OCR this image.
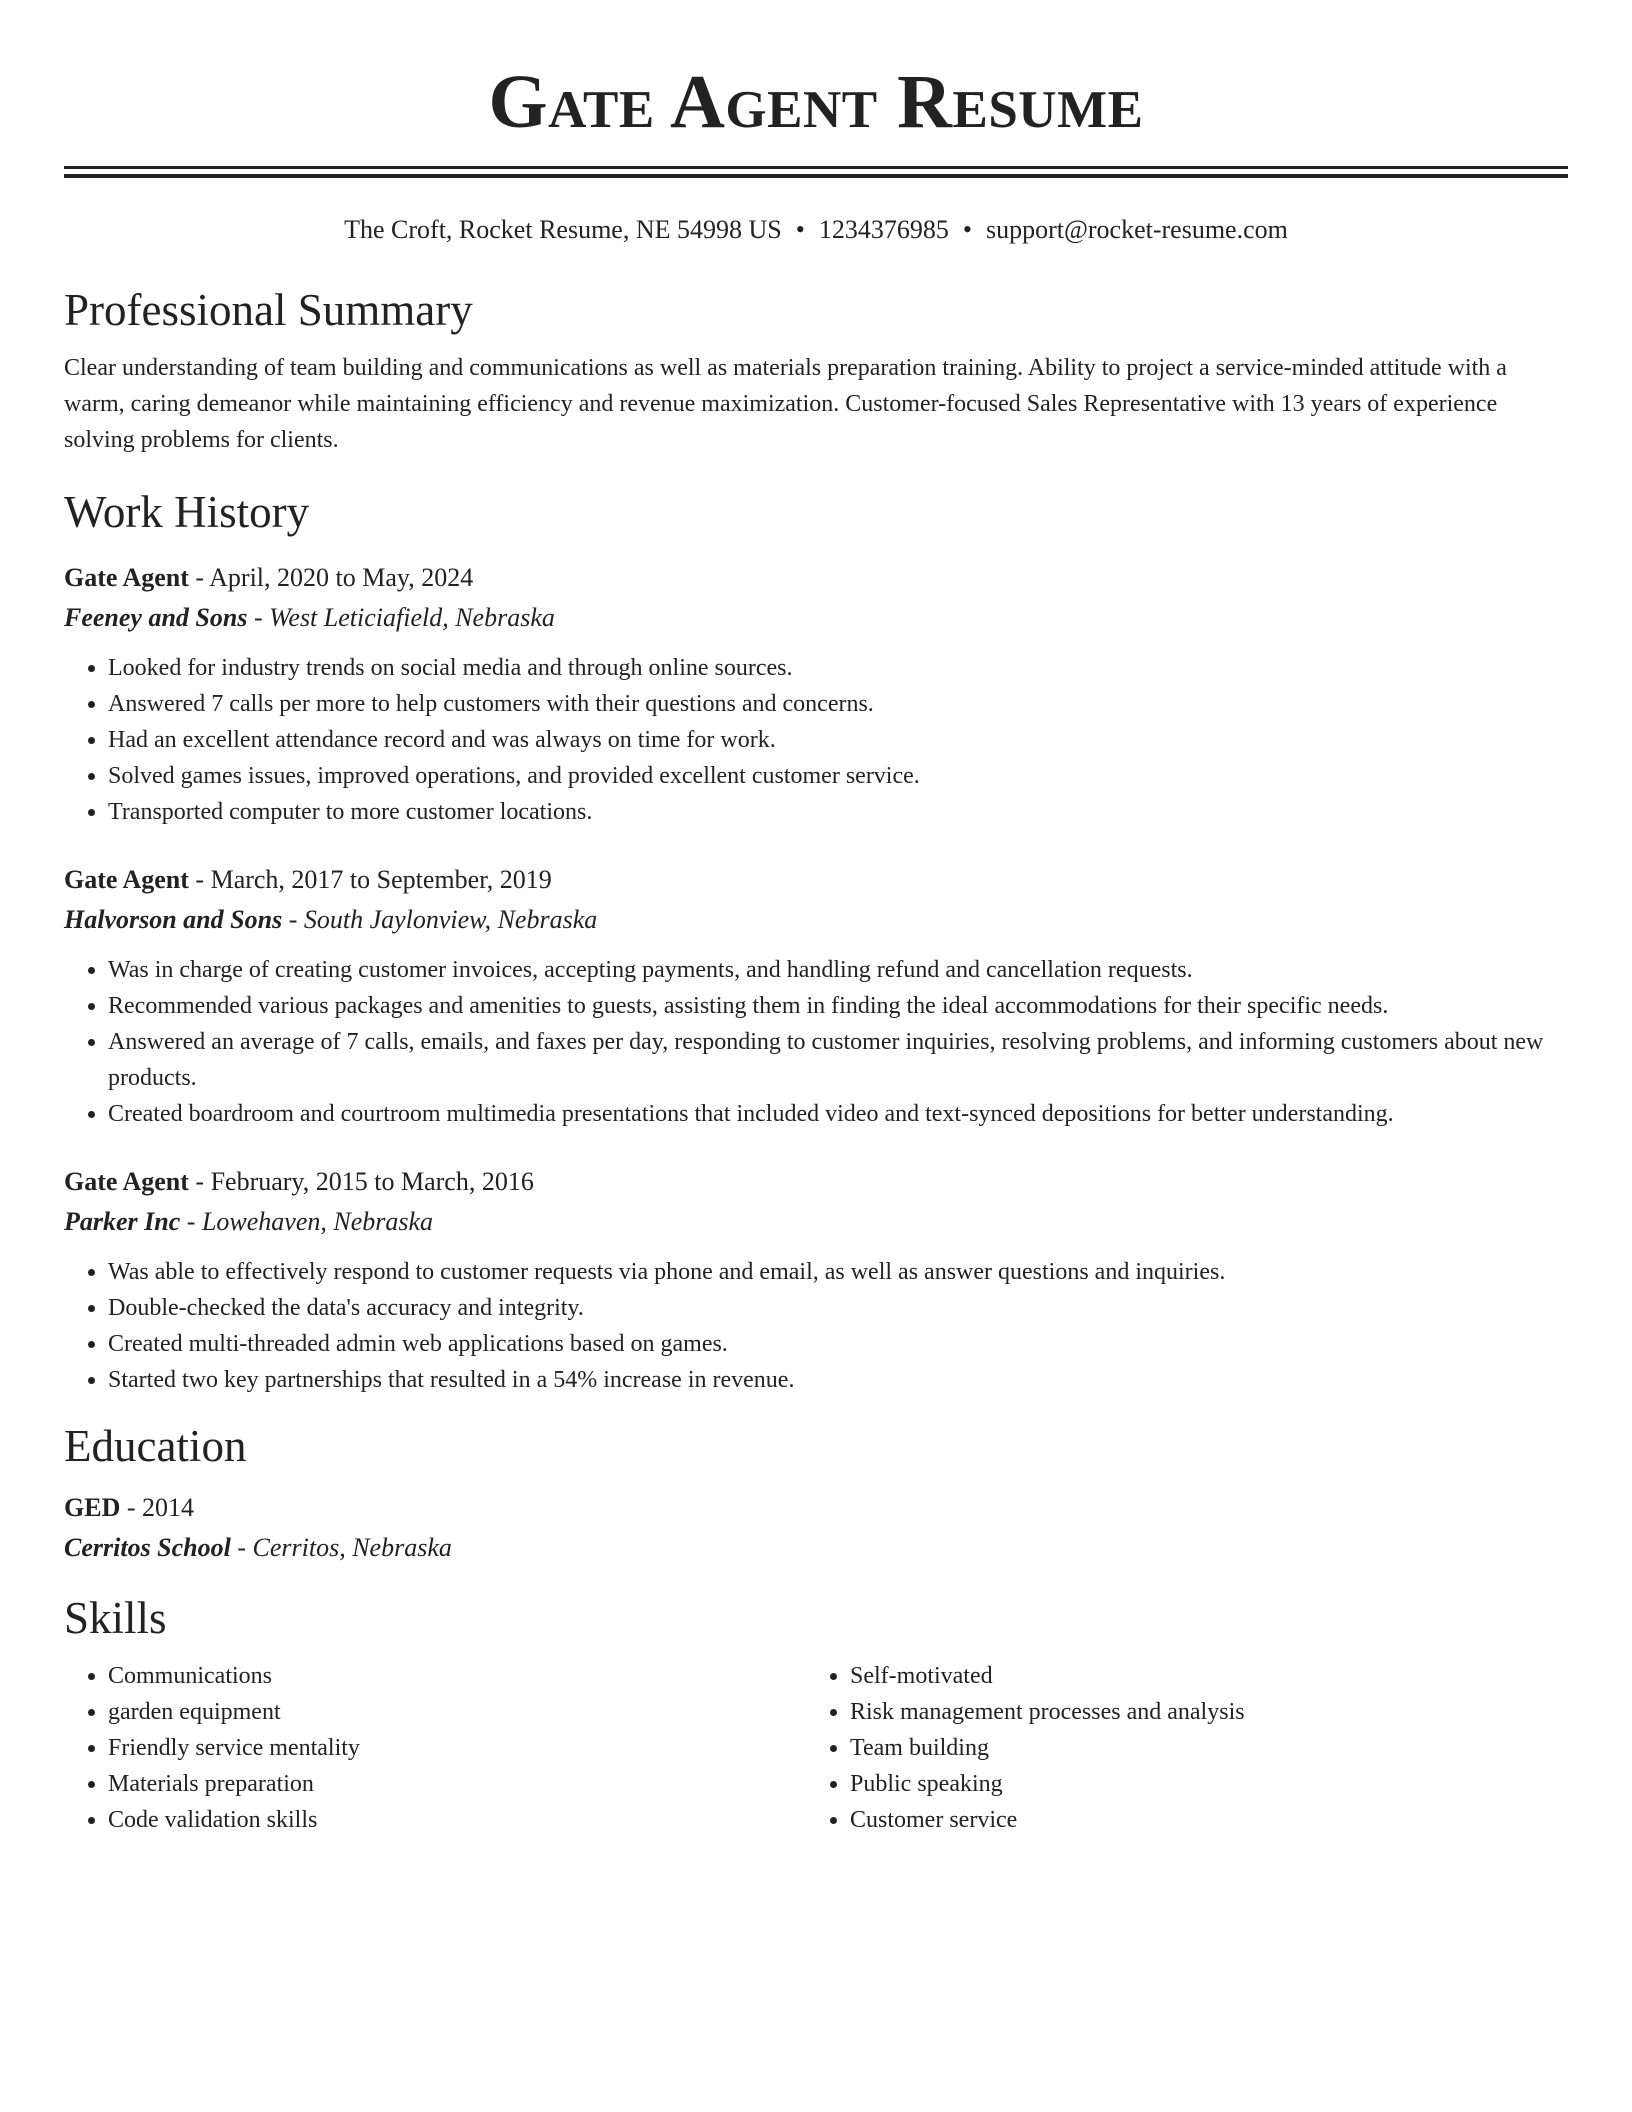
Gate Agent Resume
The Croft, Rocket Resume, NE 54998 US • 1234376985 • support@rocket-resume.com
Professional Summary

Clear understanding of team building and communications as well as materials preparation training. Ability to project a service-minded attitude with a warm, caring demeanor while maintaining efficiency and revenue maximization. Customer-focused Sales Representative with 13 years of experience solving problems for clients.

Work History
Gate Agent - April, 2020 to May, 2024
Feeney and Sons - West Leticiafield, Nebraska
• Looked for industry trends on social media and through online sources.
• Answered 7 calls per more to help customers with their questions and concerns.
• Had an excellent attendance record and was always on time for work.
• Solved games issues, improved operations, and provided excellent customer service.
• Transported computer to more customer locations.
Gate Agent - March, 2017 to September, 2019
Halvorson and Sons - South Jaylonview, Nebraska
• Was in charge of creating customer invoices, accepting payments, and handling refund and cancellation requests.
• Recommended various packages and amenities to guests, assisting them in finding the ideal accommodations for their specific needs.
• Answered an average of 7 calls, emails, and faxes per day, responding to customer inquiries, resolving problems, and informing customers about new products.
• Created boardroom and courtroom multimedia presentations that included video and text-synced depositions for better understanding.
Gate Agent - February, 2015 to March, 2016
Parker Inc - Lowehaven, Nebraska
• Was able to effectively respond to customer requests via phone and email, as well as answer questions and inquiries.
• Double-checked the data's accuracy and integrity.
• Created multi-threaded admin web applications based on games.
• Started two key partnerships that resulted in a 54% increase in revenue.
Education
GED - 2014
Cerritos School - Cerritos, Nebraska
Skills
• Communications
• garden equipment
• Friendly service mentality
• Materials preparation
• Code validation skills
• Self-motivated
• Risk management processes and analysis
• Team building
• Public speaking
• Customer service
